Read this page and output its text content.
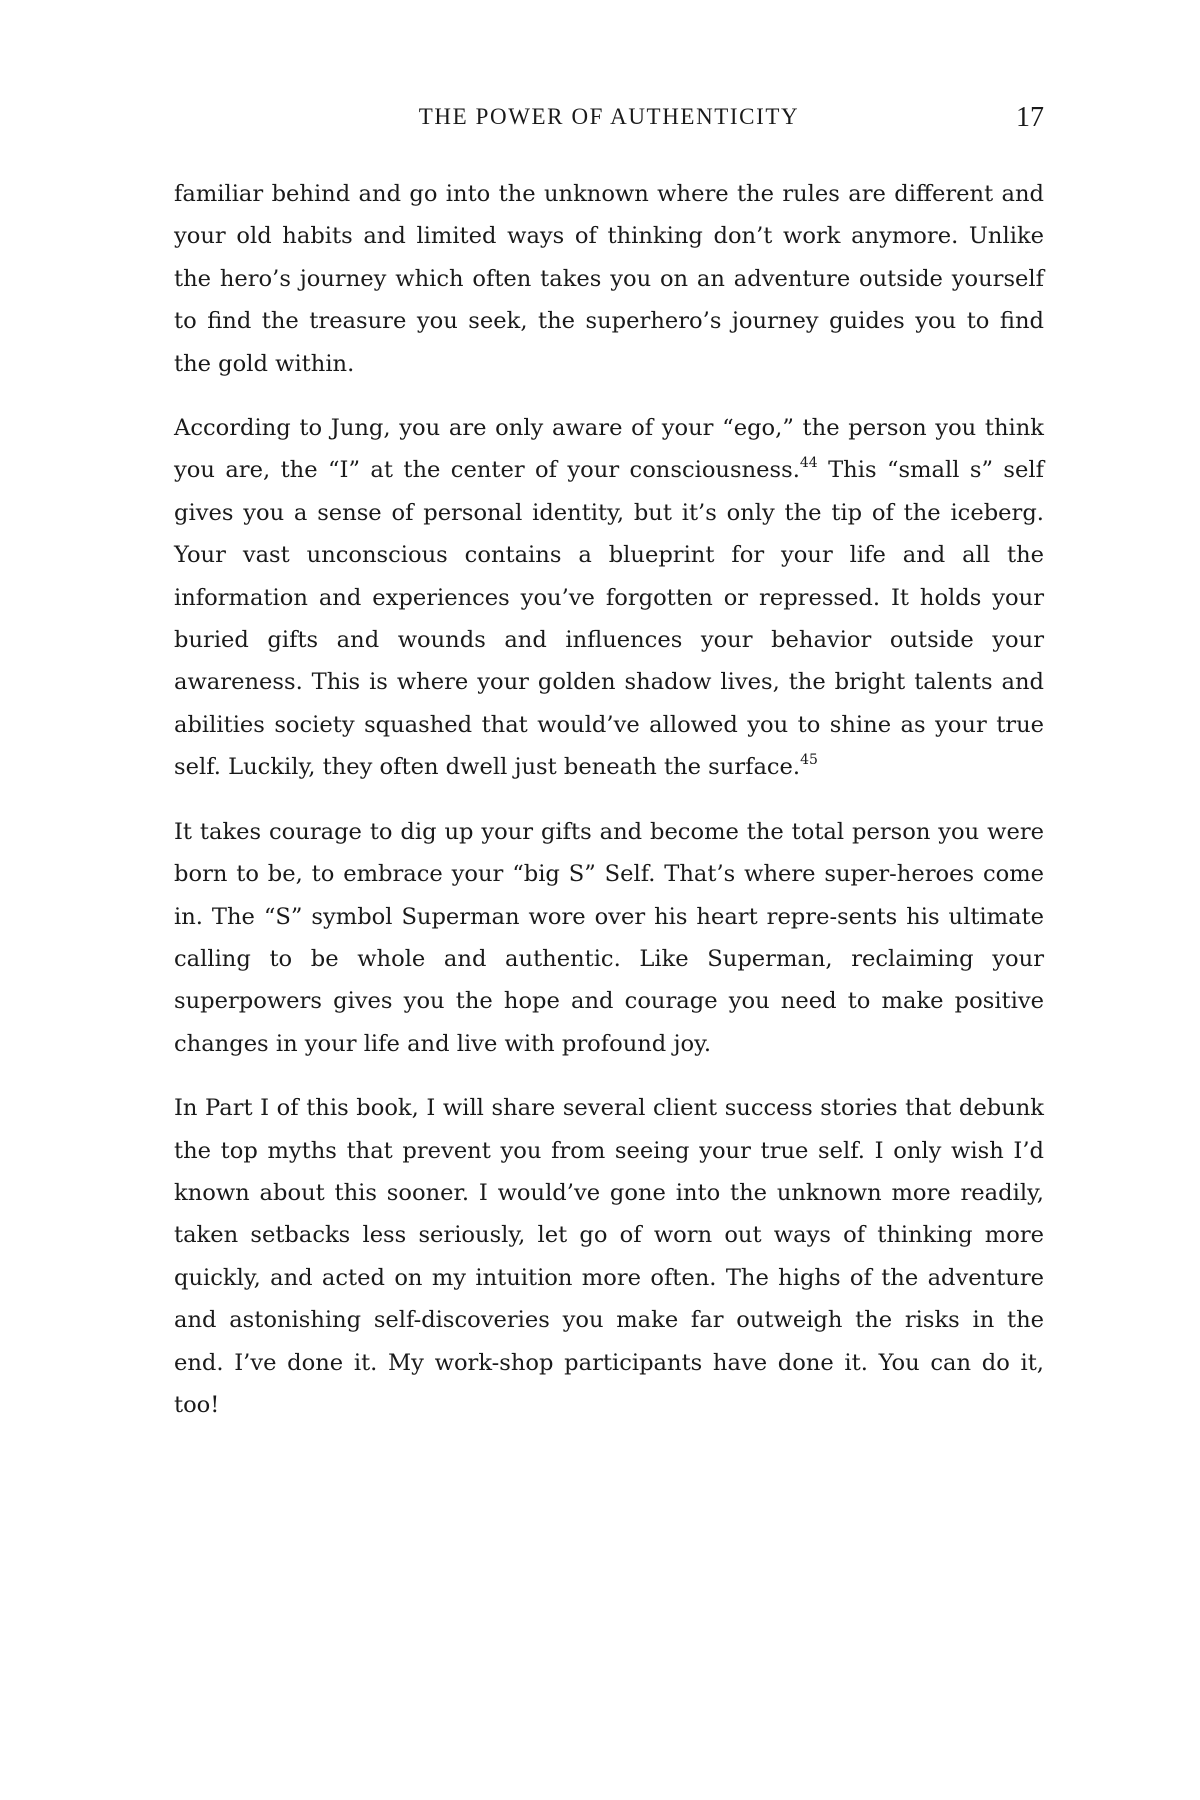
THE POWER OF AUTHENTICITY	17

familiar behind and go into the unknown where the rules are different and your old habits and limited ways of thinking don’t work anymore. Unlike the hero’s journey which often takes you on an adventure outside yourself to find the treasure you seek, the superhero’s journey guides you to find the gold within.

According to Jung, you are only aware of your “ego,” the person you think you are, the “I” at the center of your consciousness.$^{44}$ This “small s” self gives you a sense of personal identity, but it’s only the tip of the iceberg. Your vast unconscious contains a blueprint for your life and all the information and experiences you’ve forgotten or repressed. It holds your buried gifts and wounds and influences your behavior outside your awareness. This is where your golden shadow lives, the bright talents and abilities society squashed that would’ve allowed you to shine as your true self. Luckily, they often dwell just beneath the surface.$^{45}$

It takes courage to dig up your gifts and become the total person you were born to be, to embrace your “big S” Self. That’s where super-heroes come in. The “S” symbol Superman wore over his heart repre-sents his ultimate calling to be whole and authentic. Like Superman, reclaiming your superpowers gives you the hope and courage you need to make positive changes in your life and live with profound joy.

In Part I of this book, I will share several client success stories that debunk the top myths that prevent you from seeing your true self. I only wish I’d known about this sooner. I would’ve gone into the unknown more readily, taken setbacks less seriously, let go of worn out ways of thinking more quickly, and acted on my intuition more often. The highs of the adventure and astonishing self-discoveries you make far outweigh the risks in the end. I’ve done it. My work-shop participants have done it. You can do it, too!
